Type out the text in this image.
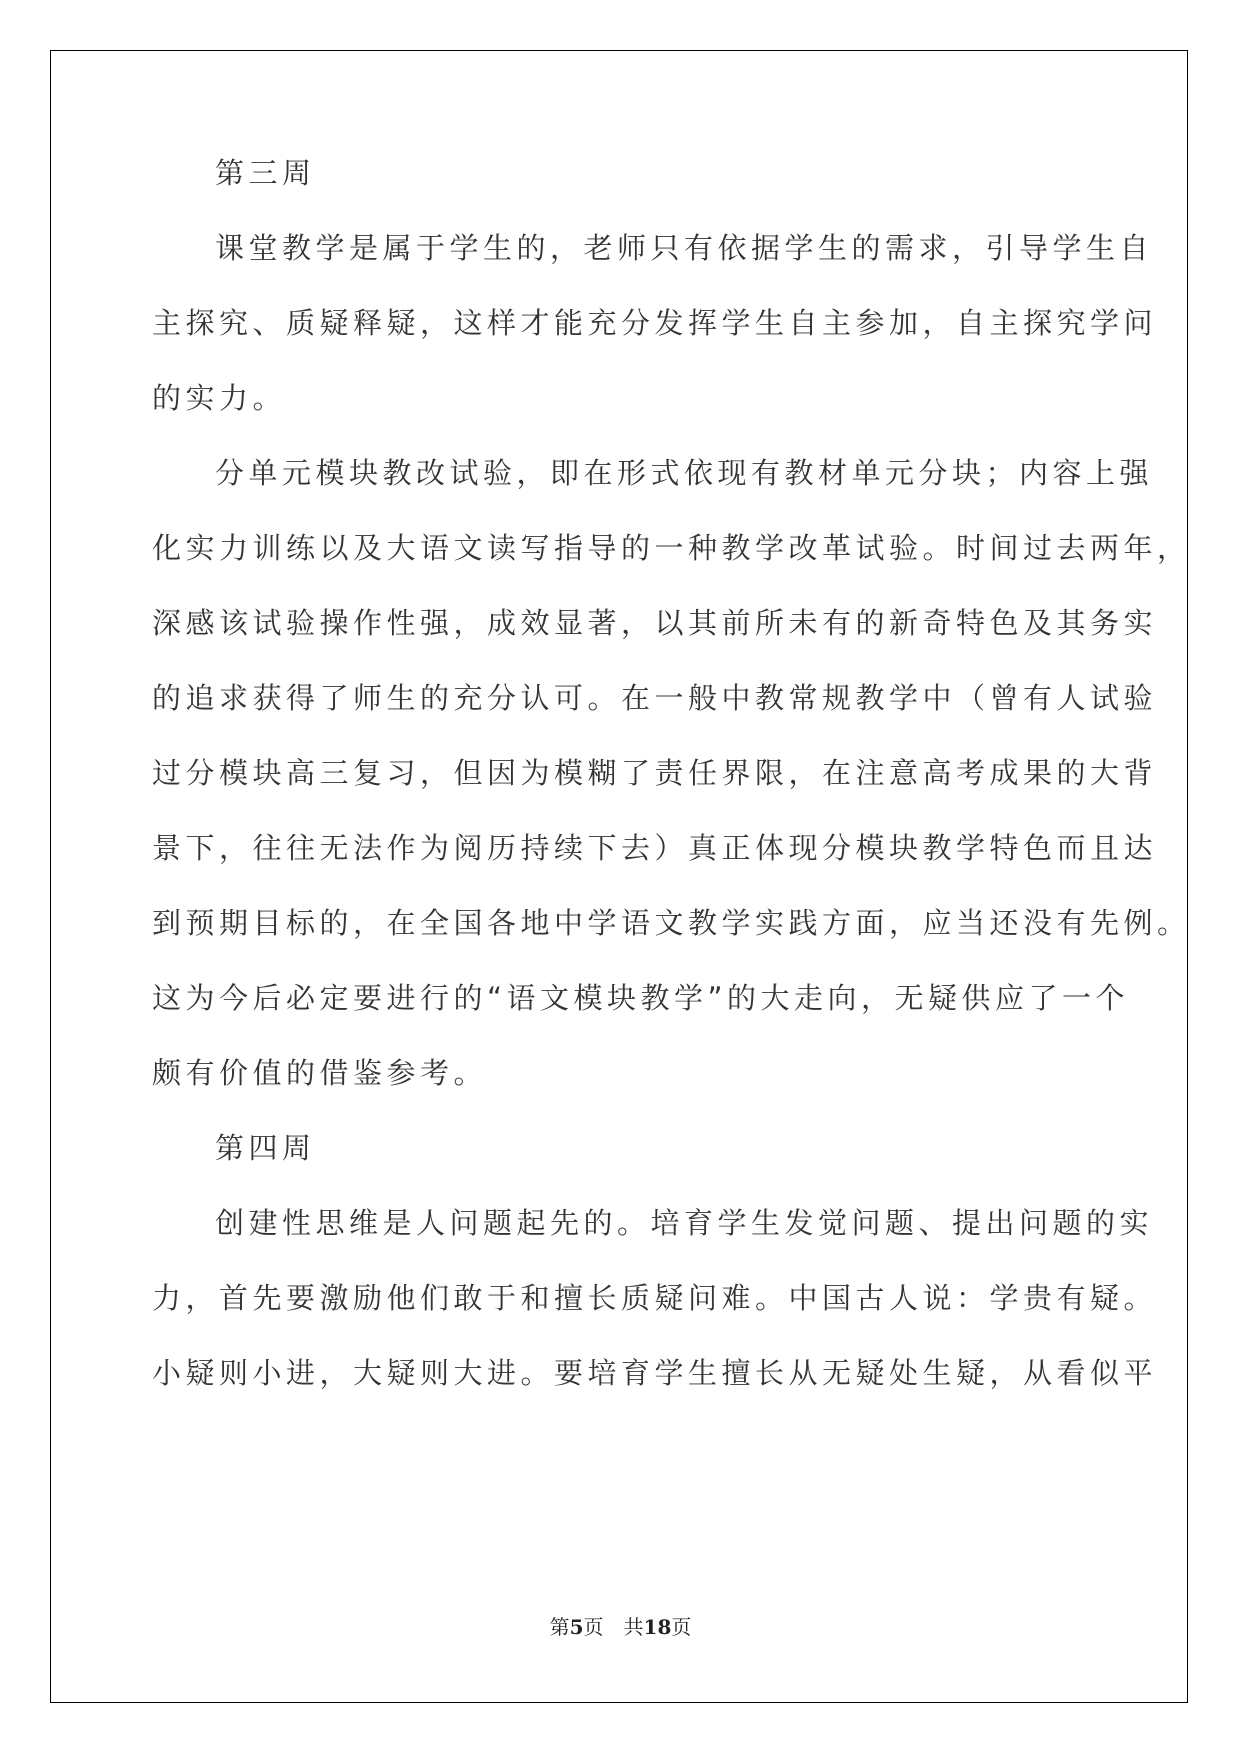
第三周
课堂教学是属于学生的，老师只有依据学生的需求，引导学生自
主探究、质疑释疑，这样才能充分发挥学生自主参加，自主探究学问
的实力。
分单元模块教改试验，即在形式依现有教材单元分块；内容上强
化实力训练以及大语文读写指导的一种教学改革试验。时间过去两年，
深感该试验操作性强，成效显著，以其前所未有的新奇特色及其务实
的追求获得了师生的充分认可。在一般中教常规教学中（曾有人试验
过分模块高三复习，但因为模糊了责任界限，在注意高考成果的大背
景下，往往无法作为阅历持续下去）真正体现分模块教学特色而且达
到预期目标的，在全国各地中学语文教学实践方面，应当还没有先例。
这为今后必定要进行的“语文模块教学”的大走向，无疑供应了一个
颇有价值的借鉴参考。
第四周
创建性思维是人问题起先的。培育学生发觉问题、提出问题的实
力，首先要激励他们敢于和擅长质疑问难。中国古人说：学贵有疑。
小疑则小进，大疑则大进。要培育学生擅长从无疑处生疑，从看似平
第5页 共18页
